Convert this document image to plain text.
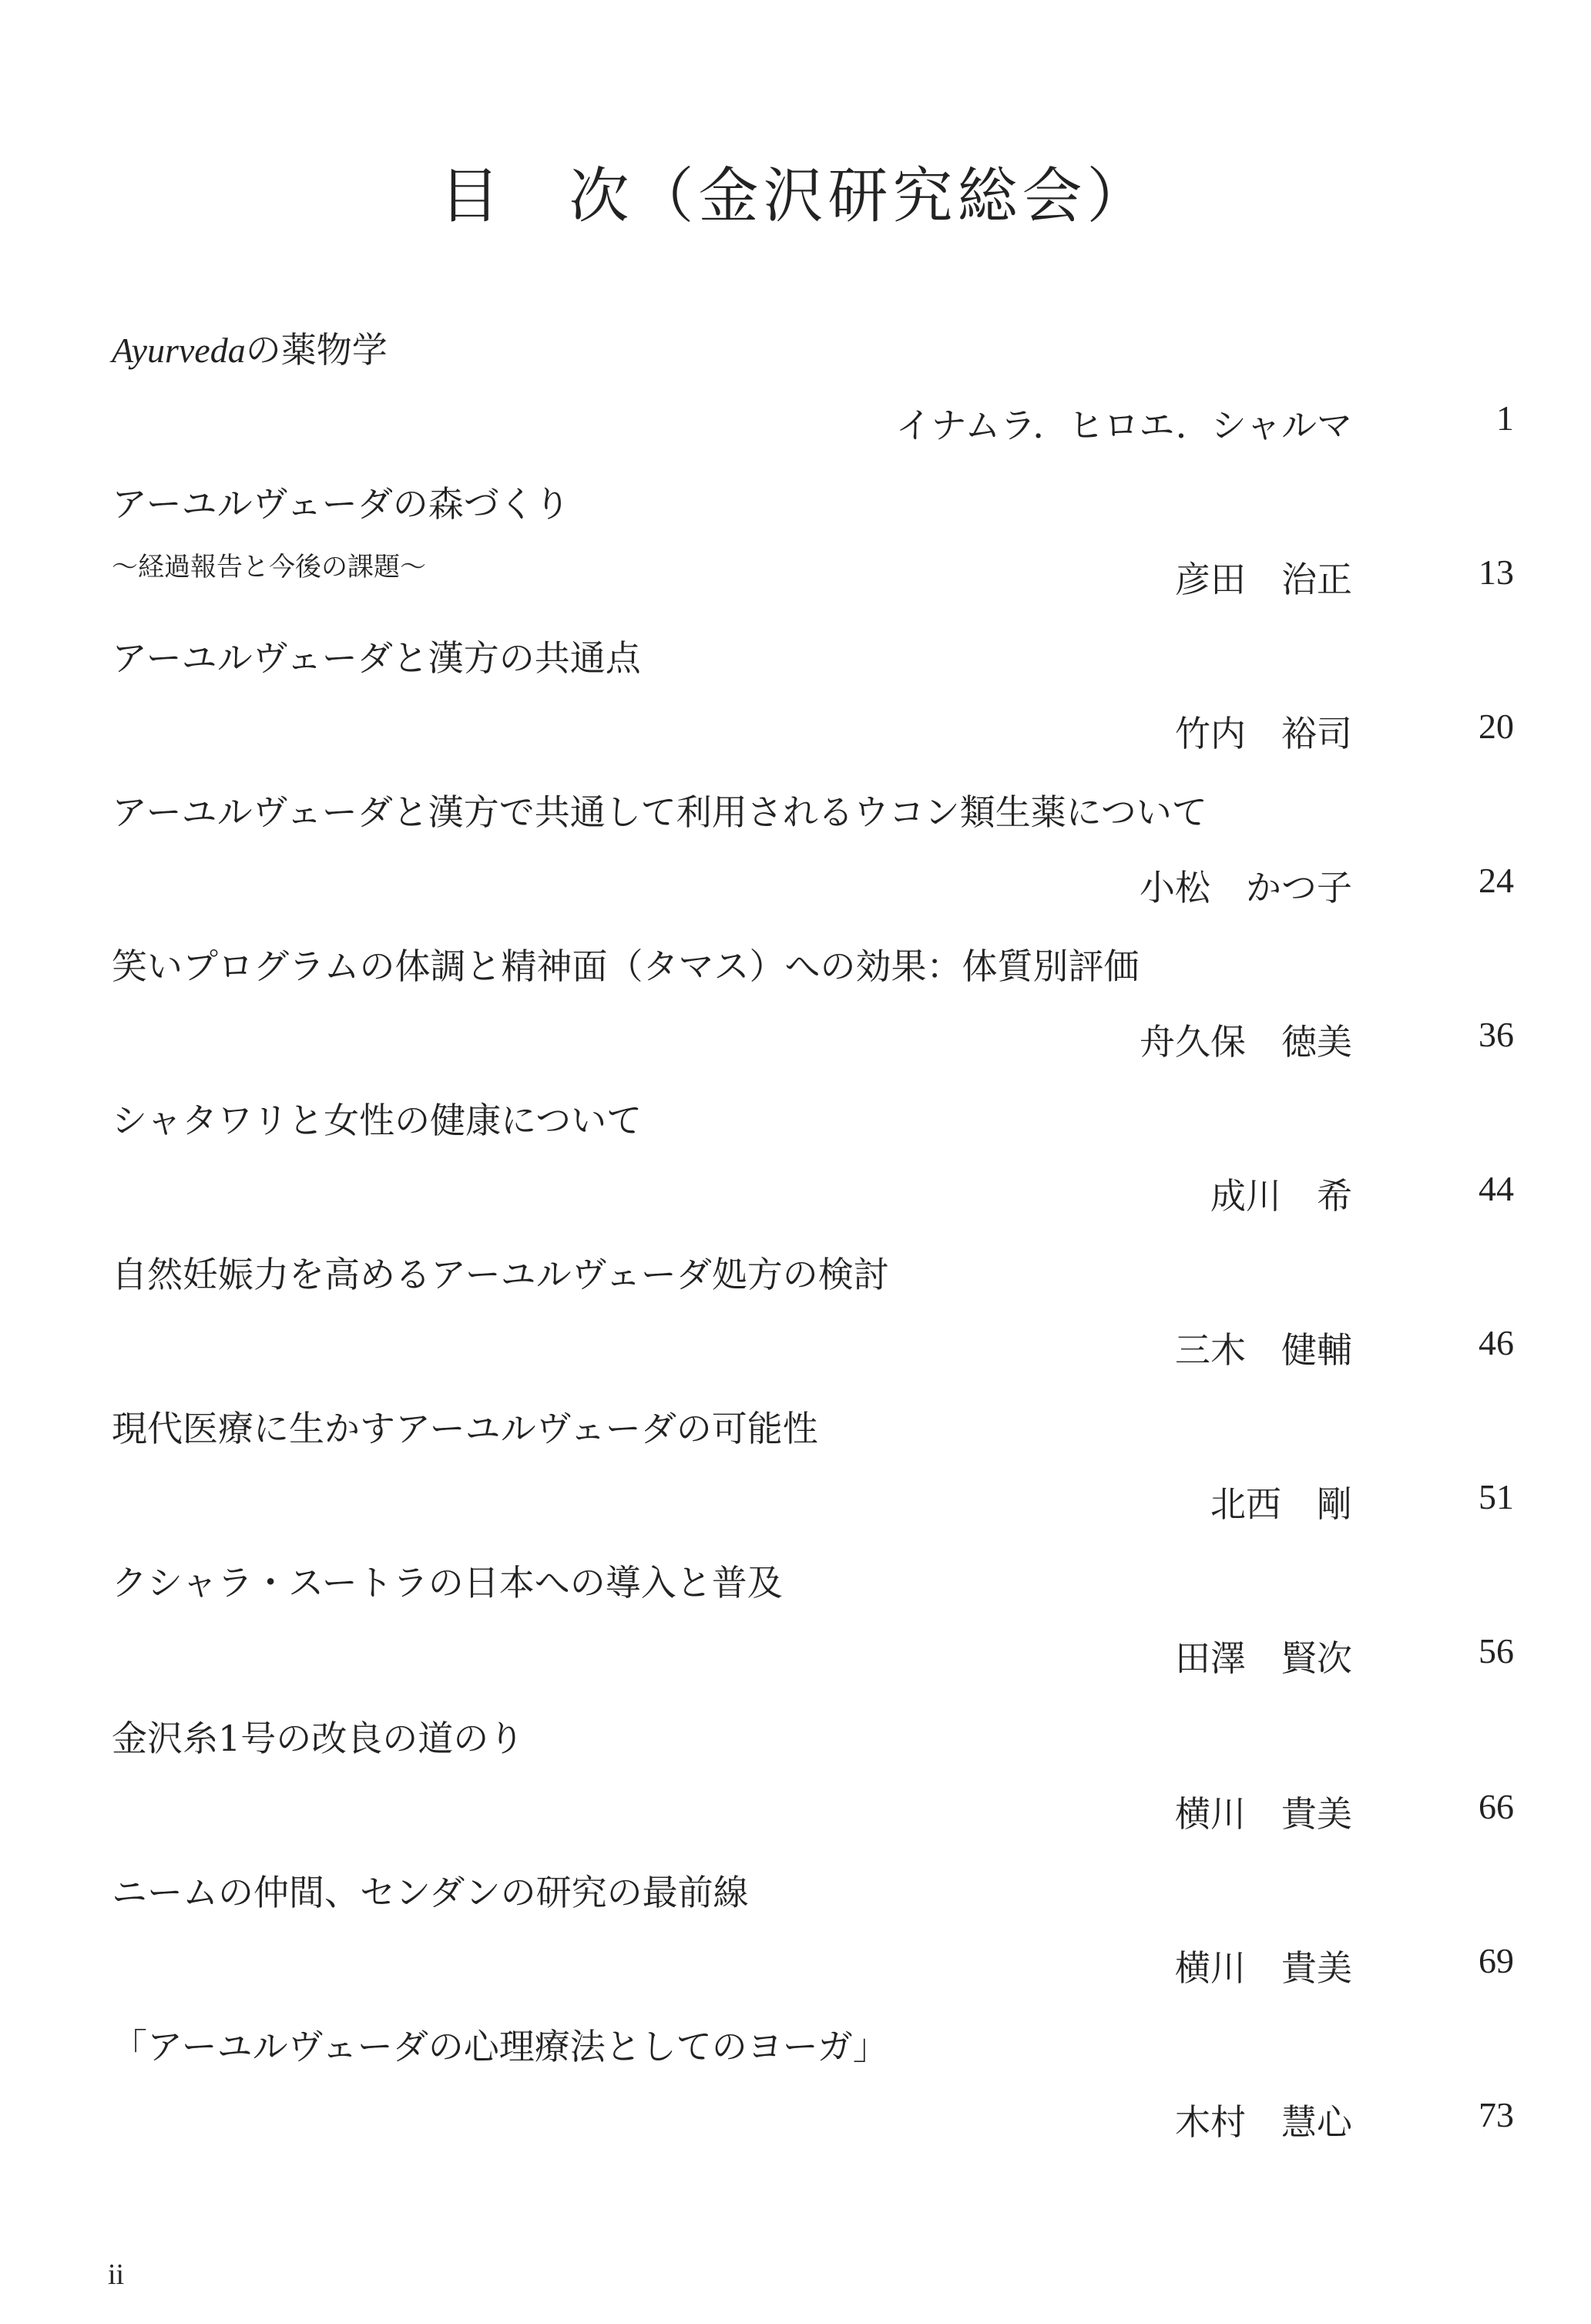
目　次（金沢研究総会）
Ayurvedaの薬物学
イナムラ．ヒロエ．シャルマ	1
アーユルヴェーダの森づくり
～経過報告と今後の課題～	彦田　治正	13
アーユルヴェーダと漢方の共通点
竹内　裕司	20
アーユルヴェーダと漢方で共通して利用されるウコン類生薬について
小松　かつ子	24
笑いプログラムの体調と精神面（タマス）への効果：体質別評価
舟久保　徳美	36
シャタワリと女性の健康について
成川　希	44
自然妊娠力を高めるアーユルヴェーダ処方の検討
三木　健輔	46
現代医療に生かすアーユルヴェーダの可能性
北西　剛	51
クシャラ・スートラの日本への導入と普及
田澤　賢次	56
金沢糸1号の改良の道のり
横川　貴美	66
ニームの仲間、センダンの研究の最前線
横川　貴美	69
「アーユルヴェーダの心理療法としてのヨーガ」
木村　慧心	73
ii
